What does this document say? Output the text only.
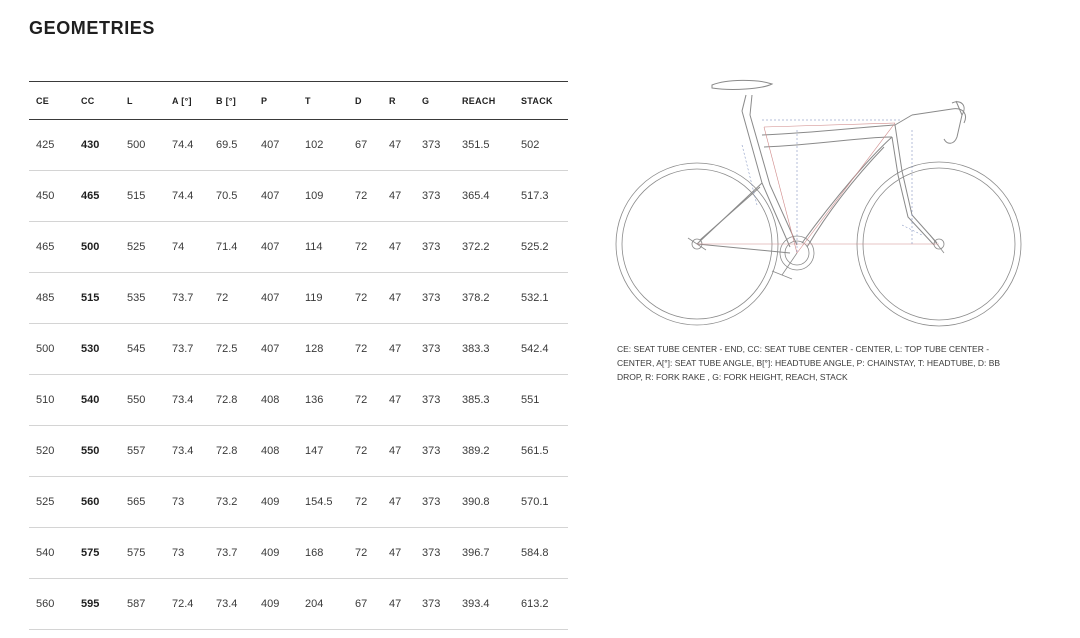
GEOMETRIES
CE	CC	L	A [°]	B [°]	P	T	D	R	G	REACH	STACK
425	430	500	74.4	69.5	407	102	67	47	373	351.5	502
450	465	515	74.4	70.5	407	109	72	47	373	365.4	517.3
465	500	525	74	71.4	407	114	72	47	373	372.2	525.2
485	515	535	73.7	72	407	119	72	47	373	378.2	532.1
500	530	545	73.7	72.5	407	128	72	47	373	383.3	542.4
510	540	550	73.4	72.8	408	136	72	47	373	385.3	551
520	550	557	73.4	72.8	408	147	72	47	373	389.2	561.5
525	560	565	73	73.2	409	154.5	72	47	373	390.8	570.1
540	575	575	73	73.7	409	168	72	47	373	396.7	584.8
560	595	587	72.4	73.4	409	204	67	47	373	393.4	613.2

CE: SEAT TUBE CENTER - END, CC: SEAT TUBE CENTER - CENTER, L: TOP TUBE CENTER - CENTER, A[°]: SEAT TUBE ANGLE, B[°]: HEADTUBE ANGLE, P: CHAINSTAY, T: HEADTUBE, D: BB DROP, R: FORK RAKE , G: FORK HEIGHT, REACH, STACK
